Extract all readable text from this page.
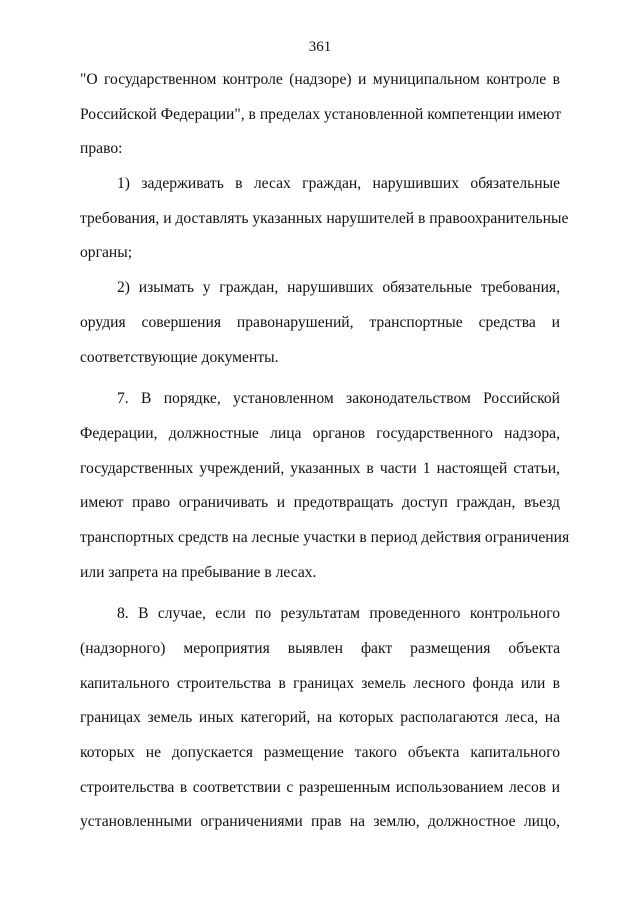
361
"О государственном контроле (надзоре) и муниципальном контроле в
Российской Федерации", в пределах установленной компетенции имеют
право:
1) задерживать в лесах граждан, нарушивших обязательные
требования, и доставлять указанных нарушителей в правоохранительные
органы;
2) изымать у граждан, нарушивших обязательные требования,
орудия совершения правонарушений, транспортные средства и
соответствующие документы.
7. В порядке, установленном законодательством Российской
Федерации, должностные лица органов государственного надзора,
государственных учреждений, указанных в части 1 настоящей статьи,
имеют право ограничивать и предотвращать доступ граждан, въезд
транспортных средств на лесные участки в период действия ограничения
или запрета на пребывание в лесах.
8. В случае, если по результатам проведенного контрольного
(надзорного) мероприятия выявлен факт размещения объекта
капитального строительства в границах земель лесного фонда или в
границах земель иных категорий, на которых располагаются леса, на
которых не допускается размещение такого объекта капитального
строительства в соответствии с разрешенным использованием лесов и
установленными ограничениями прав на землю, должностное лицо,
